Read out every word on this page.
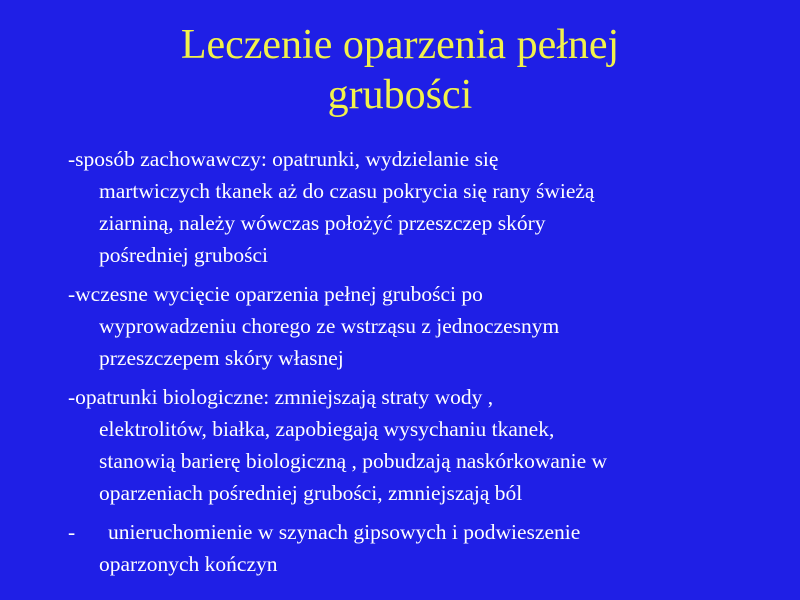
Leczenie oparzenia pełnej
grubości
-sposób zachowawczy: opatrunki, wydzielanie się
martwiczych tkanek aż do czasu pokrycia się rany świeżą
ziarniną, należy wówczas położyć przeszczep skóry
pośredniej grubości
-wczesne wycięcie oparzenia pełnej grubości po
wyprowadzeniu chorego ze wstrząsu z jednoczesnym
przeszczepem skóry własnej
-opatrunki biologiczne: zmniejszają straty wody ,
elektrolitów, białka, zapobiegają wysychaniu tkanek,
stanowią barierę biologiczną , pobudzają naskórkowanie w
oparzeniach pośredniej grubości, zmniejszają ból
- unieruchomienie w szynach gipsowych i podwieszenie
oparzonych kończyn
